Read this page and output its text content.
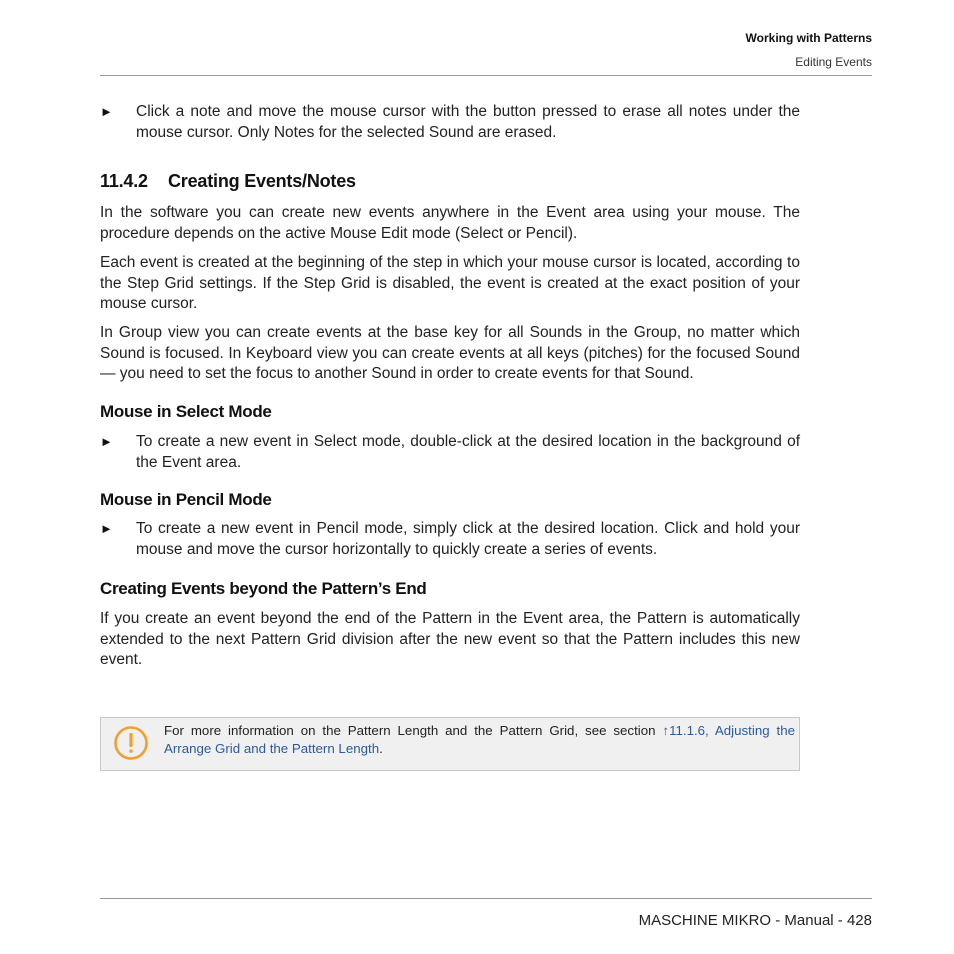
Working with Patterns
Editing Events
►	Click a note and move the mouse cursor with the button pressed to erase all notes under the mouse cursor. Only Notes for the selected Sound are erased.
11.4.2 Creating Events/Notes

In the software you can create new events anywhere in the Event area using your mouse. The procedure depends on the active Mouse Edit mode (Select or Pencil).

Each event is created at the beginning of the step in which your mouse cursor is located, according to the Step Grid settings. If the Step Grid is disabled, the event is created at the exact position of your mouse cursor.

In Group view you can create events at the base key for all Sounds in the Group, no matter which Sound is focused. In Keyboard view you can create events at all keys (pitches) for the focused Sound — you need to set the focus to another Sound in order to create events for that Sound.

Mouse in Select Mode
►	To create a new event in Select mode, double-click at the desired location in the background of the Event area.
Mouse in Pencil Mode
►	To create a new event in Pencil mode, simply click at the desired location. Click and hold your mouse and move the cursor horizontally to quickly create a series of events.
Creating Events beyond the Pattern’s End

If you create an event beyond the end of the Pattern in the Event area, the Pattern is automatically extended to the next Pattern Grid division after the new event so that the Pattern includes this new event.

For more information on the Pattern Length and the Pattern Grid, see section ↑11.1.6, Adjusting the Arrange Grid and the Pattern Length.
MASCHINE MIKRO - Manual - 428
